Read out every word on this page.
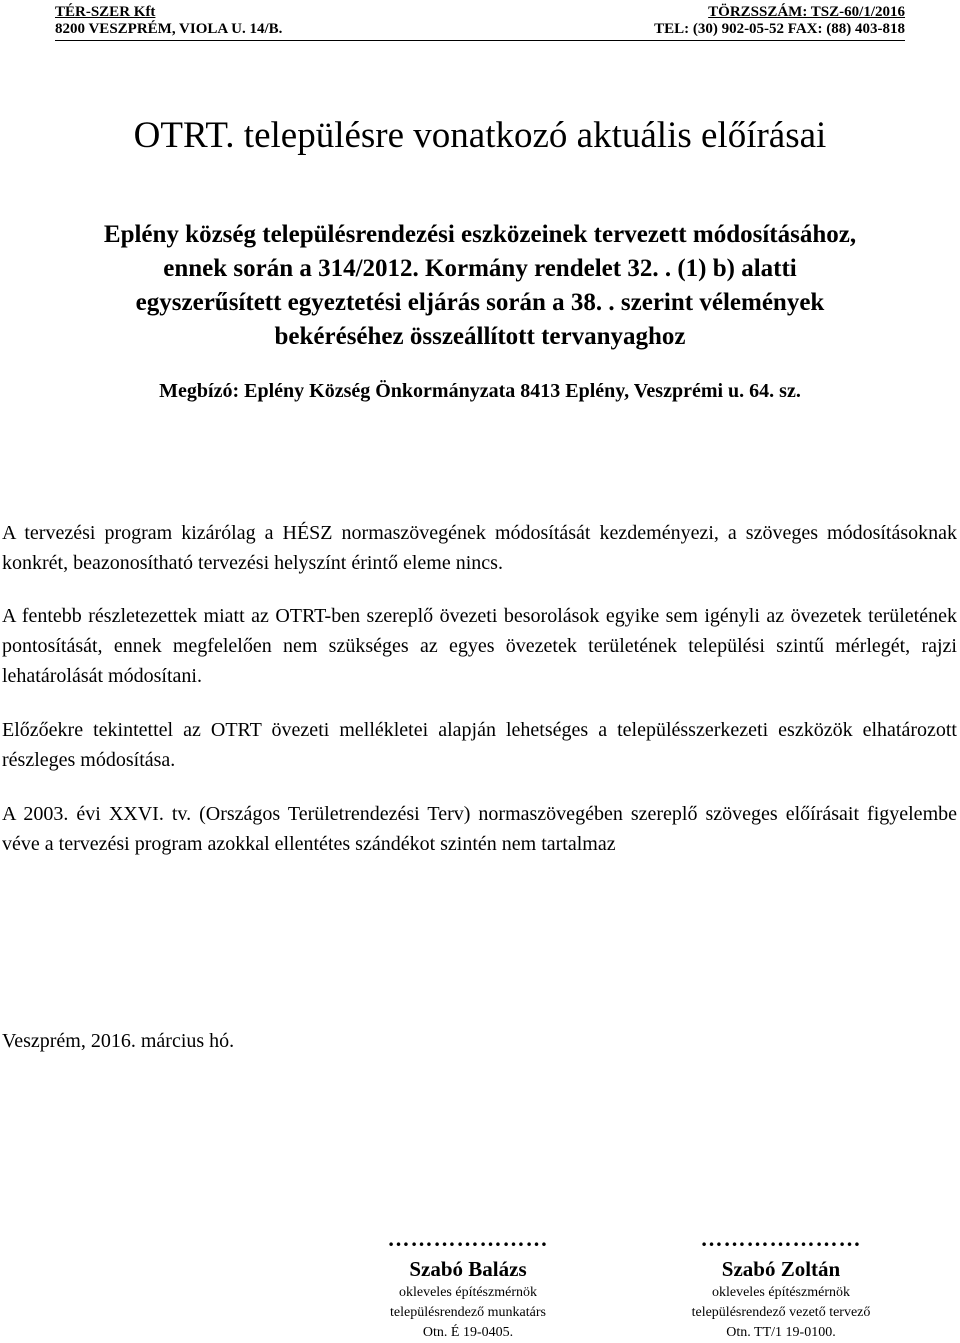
TÉR-SZER Kft	TÖRZSSZÁM: TSZ-60/1/2016
8200 VESZPRÉM, VIOLA U. 14/B.	TEL: (30) 902-05-52 FAX: (88) 403-818
OTRT. településre vonatkozó aktuális előírásai
Eplény község településrendezési eszközeinek tervezett módosításához,
ennek során a 314/2012. Kormány rendelet 32. . (1) b) alatti
egyszerűsített egyeztetési eljárás során a 38. . szerint vélemények
bekéréséhez összeállított tervanyaghoz
Megbízó: Eplény Község Önkormányzata 8413 Eplény, Veszprémi u. 64. sz.
A tervezési program kizárólag a HÉSZ normaszövegének módosítását kezdeményezi, a szöveges módosításoknak konkrét, beazonosítható tervezési helyszínt érintő eleme nincs.
A fentebb részletezettek miatt az OTRT-ben szereplő övezeti besorolások egyike sem igényli az övezetek területének pontosítását, ennek megfelelően nem szükséges az egyes övezetek területének települési szintű mérlegét, rajzi lehatárolását módosítani.
Előzőekre tekintettel az OTRT övezeti mellékletei alapján lehetséges a településszerkezeti eszközök elhatározott részleges módosítása.
A 2003. évi XXVI. tv. (Országos Területrendezési Terv) normaszövegében szereplő szöveges előírásait figyelembe véve a tervezési program azokkal ellentétes szándékot szintén nem tartalmaz
Veszprém, 2016. március hó.
…………………
Szabó Balázs
okleveles építészmérnök
településrendező munkatárs
Otn. É 19-0405.
…………………
Szabó Zoltán
okleveles építészmérnök
településrendező vezető tervező
Otn. TT/1 19-0100.
